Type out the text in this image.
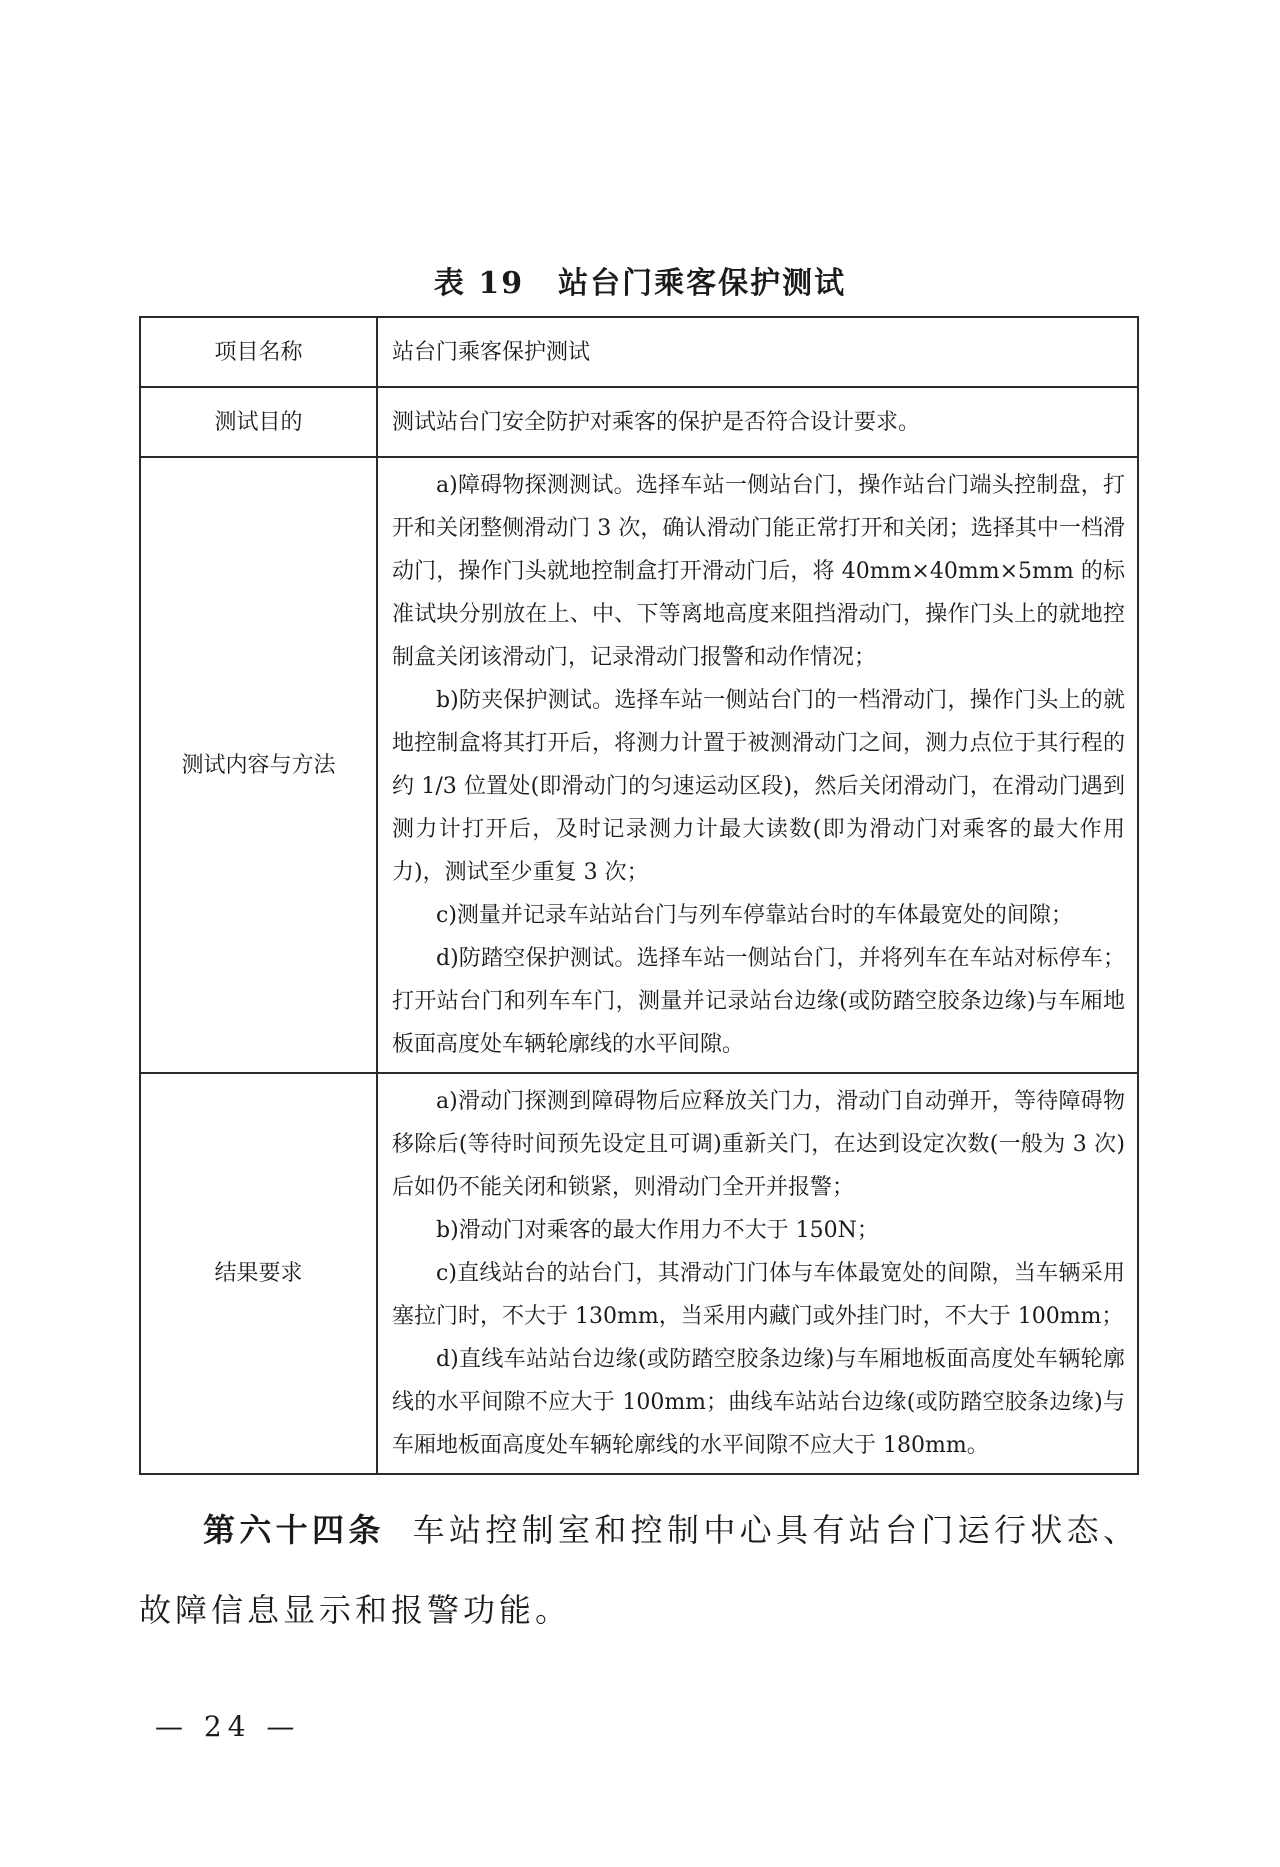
表 19 站台门乘客保护测试
项目名称	站台门乘客保护测试
测试目的	测试站台门安全防护对乘客的保护是否符合设计要求。
测试内容与方法	a)障碍物探测测试。选择车站一侧站台门，操作站台门端头控制盘，打开和关闭整侧滑动门 3 次，确认滑动门能正常打开和关闭；选择其中一档滑动门，操作门头就地控制盒打开滑动门后，将 40mm×40mm×5mm 的标准试块分别放在上、中、下等离地高度来阻挡滑动门，操作门头上的就地控制盒关闭该滑动门，记录滑动门报警和动作情况；

b)防夹保护测试。选择车站一侧站台门的一档滑动门，操作门头上的就地控制盒将其打开后，将测力计置于被测滑动门之间，测力点位于其行程的约 1/3 位置处(即滑动门的匀速运动区段)，然后关闭滑动门，在滑动门遇到测力计打开后，及时记录测力计最大读数(即为滑动门对乘客的最大作用力)，测试至少重复 3 次；

c)测量并记录车站站台门与列车停靠站台时的车体最宽处的间隙；

d)防踏空保护测试。选择车站一侧站台门，并将列车在车站对标停车；打开站台门和列车车门，测量并记录站台边缘(或防踏空胶条边缘)与车厢地板面高度处车辆轮廓线的水平间隙。

结果要求	a)滑动门探测到障碍物后应释放关门力，滑动门自动弹开，等待障碍物移除后(等待时间预先设定且可调)重新关门，在达到设定次数(一般为 3 次)后如仍不能关闭和锁紧，则滑动门全开并报警；

b)滑动门对乘客的最大作用力不大于 150N；

c)直线站台的站台门，其滑动门门体与车体最宽处的间隙，当车辆采用塞拉门时，不大于 130mm，当采用内藏门或外挂门时，不大于 100mm；

d)直线车站站台边缘(或防踏空胶条边缘)与车厢地板面高度处车辆轮廓线的水平间隙不应大于 100mm；曲线车站站台边缘(或防踏空胶条边缘)与车厢地板面高度处车辆轮廓线的水平间隙不应大于 180mm。

第六十四条 车站控制室和控制中心具有站台门运行状态、故障信息显示和报警功能。
— 24 —
